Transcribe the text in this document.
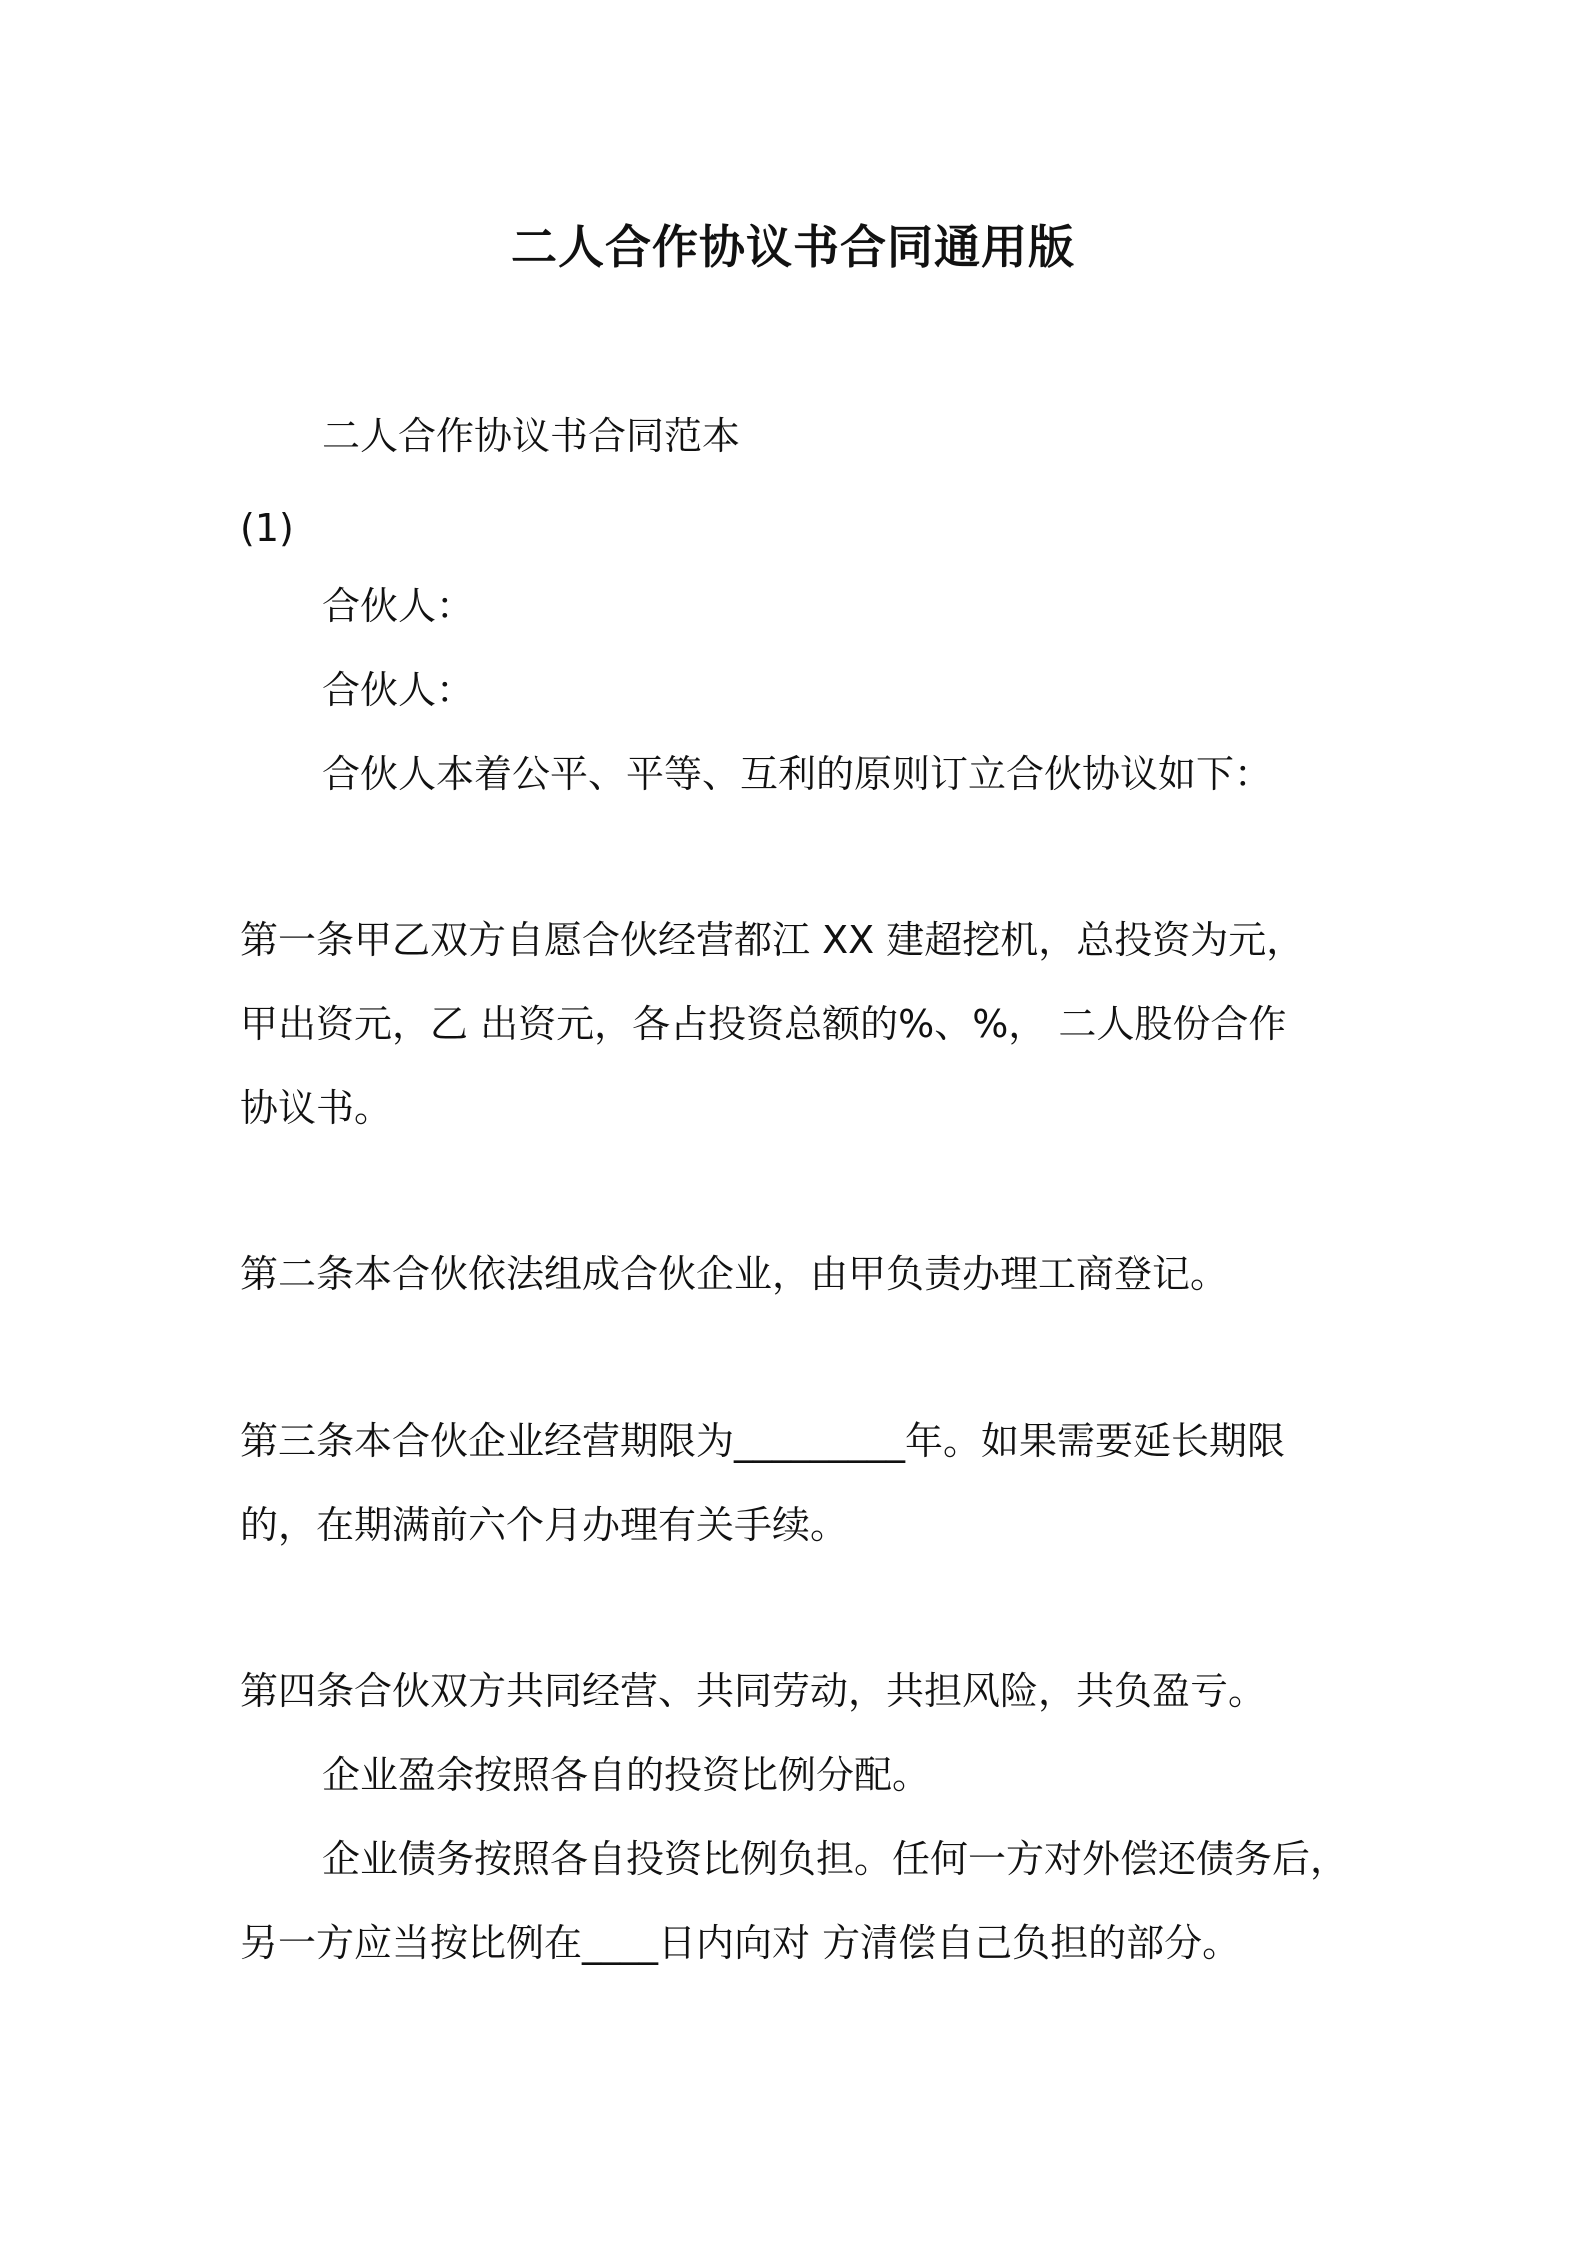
二人合作协议书合同通用版
二人合作协议书合同范本
(1)
合伙人：
合伙人：
合伙人本着公平、平等、互利的原则订立合伙协议如下：
第一条甲乙双方自愿合伙经营都江 XX 建超挖机，总投资为元，
甲出资元，乙 出资元，各占投资总额的%、%， 二人股份合作
协议书。
第二条本合伙依法组成合伙企业，由甲负责办理工商登记。
第三条本合伙企业经营期限为_________年。如果需要延长期限
的，在期满前六个月办理有关手续。
第四条合伙双方共同经营、共同劳动，共担风险，共负盈亏。
企业盈余按照各自的投资比例分配。
企业债务按照各自投资比例负担。任何一方对外偿还债务后，
另一方应当按比例在____日内向对 方清偿自己负担的部分。
